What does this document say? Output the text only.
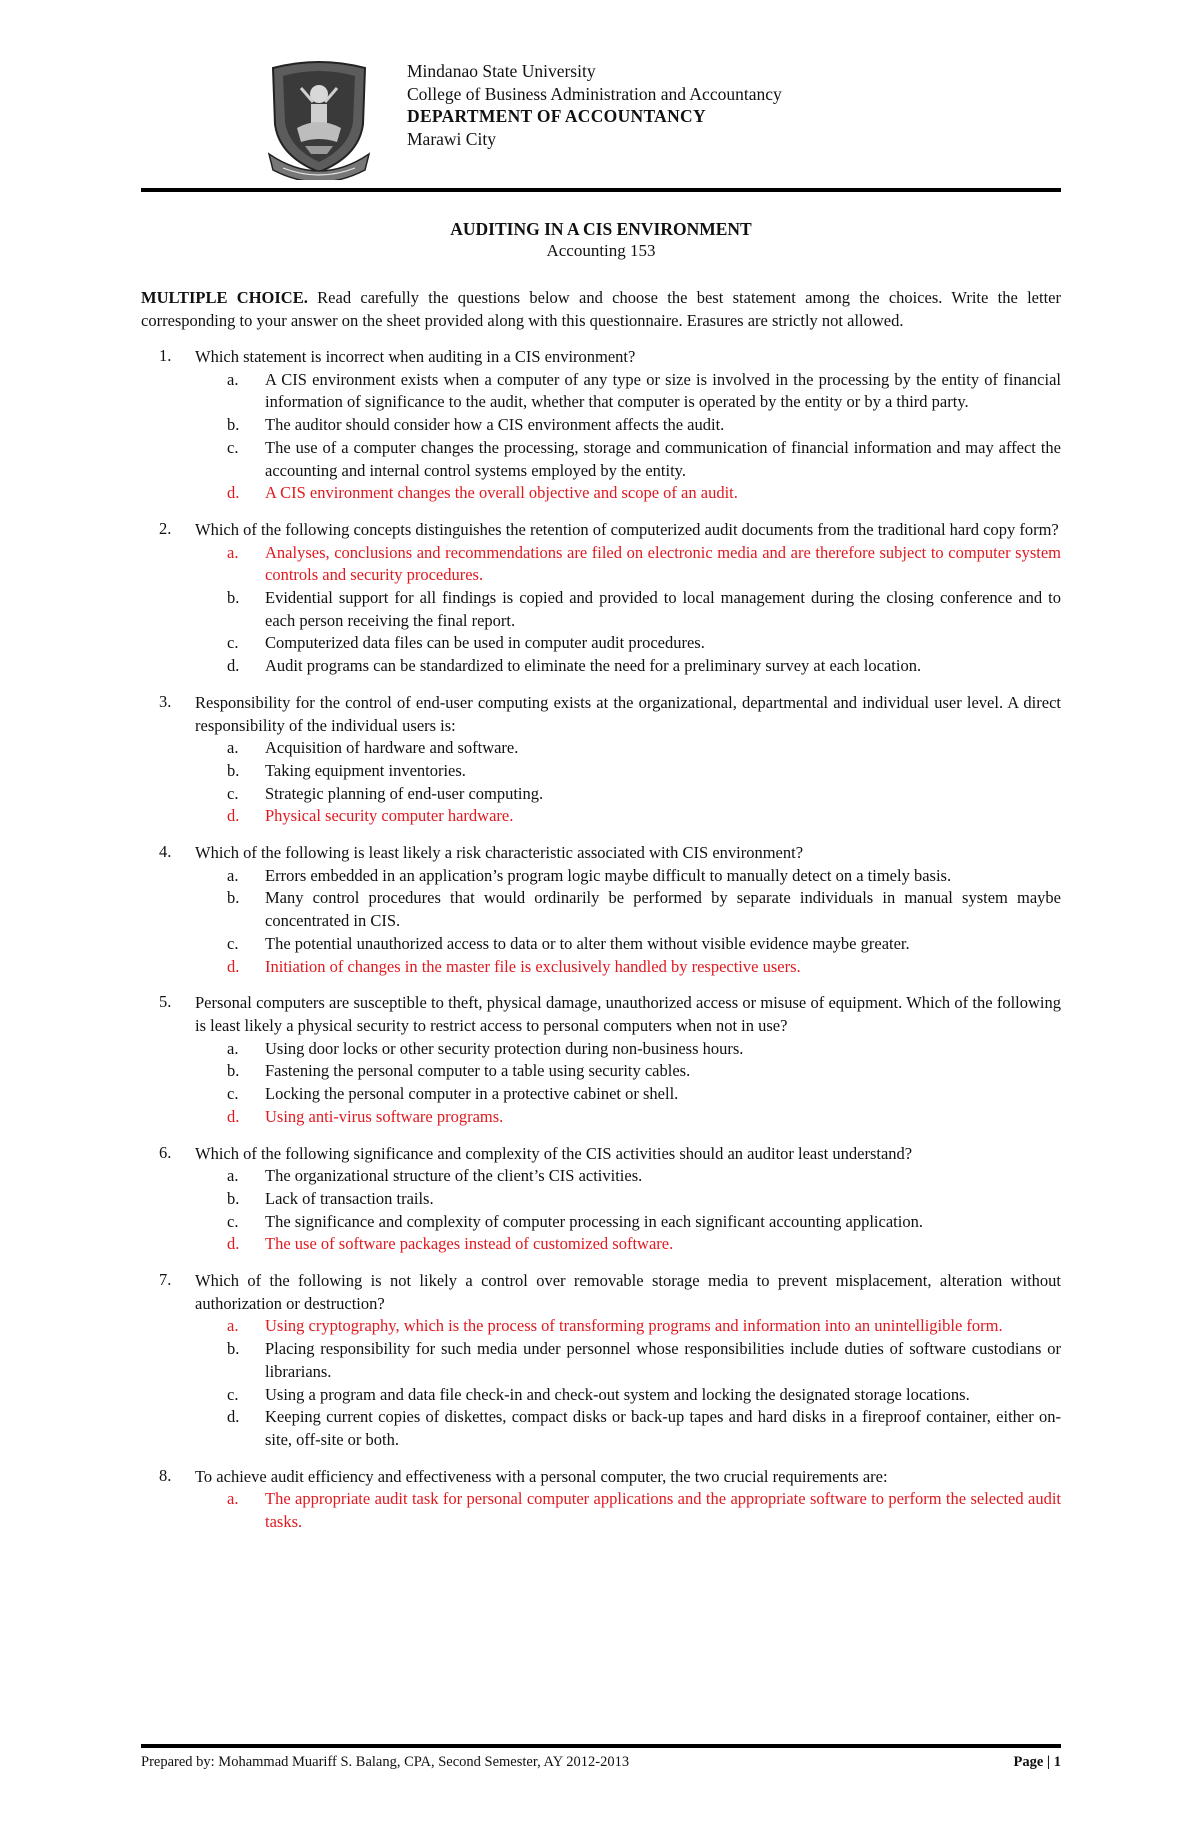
Mindanao State University
College of Business Administration and Accountancy
DEPARTMENT OF ACCOUNTANCY
Marawi City
AUDITING IN A CIS ENVIRONMENT
Accounting 153

MULTIPLE CHOICE. Read carefully the questions below and choose the best statement among the choices. Write the letter corresponding to your answer on the sheet provided along with this questionnaire. Erasures are strictly not allowed.

1.	Which statement is incorrect when auditing in a CIS environment?
a. A CIS environment exists when a computer of any type or size is involved in the processing by the entity of financial information of significance to the audit, whether that computer is operated by the entity or by a third party.
b. The auditor should consider how a CIS environment affects the audit.
c. The use of a computer changes the processing, storage and communication of financial information and may affect the accounting and internal control systems employed by the entity.
d. A CIS environment changes the overall objective and scope of an audit.
2.	Which of the following concepts distinguishes the retention of computerized audit documents from the traditional hard copy form?
a. Analyses, conclusions and recommendations are filed on electronic media and are therefore subject to computer system controls and security procedures.
b. Evidential support for all findings is copied and provided to local management during the closing conference and to each person receiving the final report.
c. Computerized data files can be used in computer audit procedures.
d. Audit programs can be standardized to eliminate the need for a preliminary survey at each location.
3.	Responsibility for the control of end-user computing exists at the organizational, departmental and individual user level. A direct responsibility of the individual users is:
a. Acquisition of hardware and software.
b. Taking equipment inventories.
c. Strategic planning of end-user computing.
d. Physical security computer hardware.
4.	Which of the following is least likely a risk characteristic associated with CIS environment?
a. Errors embedded in an application’s program logic maybe difficult to manually detect on a timely basis.
b. Many control procedures that would ordinarily be performed by separate individuals in manual system maybe concentrated in CIS.
c. The potential unauthorized access to data or to alter them without visible evidence maybe greater.
d. Initiation of changes in the master file is exclusively handled by respective users.
5.	Personal computers are susceptible to theft, physical damage, unauthorized access or misuse of equipment. Which of the following is least likely a physical security to restrict access to personal computers when not in use?
a. Using door locks or other security protection during non-business hours.
b. Fastening the personal computer to a table using security cables.
c. Locking the personal computer in a protective cabinet or shell.
d. Using anti-virus software programs.
6.	Which of the following significance and complexity of the CIS activities should an auditor least understand?
a. The organizational structure of the client’s CIS activities.
b. Lack of transaction trails.
c. The significance and complexity of computer processing in each significant accounting application.
d. The use of software packages instead of customized software.
7.	Which of the following is not likely a control over removable storage media to prevent misplacement, alteration without authorization or destruction?
a. Using cryptography, which is the process of transforming programs and information into an unintelligible form.
b. Placing responsibility for such media under personnel whose responsibilities include duties of software custodians or librarians.
c. Using a program and data file check-in and check-out system and locking the designated storage locations.
d. Keeping current copies of diskettes, compact disks or back-up tapes and hard disks in a fireproof container, either on-site, off-site or both.
8.	To achieve audit efficiency and effectiveness with a personal computer, the two crucial requirements are:
a. The appropriate audit task for personal computer applications and the appropriate software to perform the selected audit tasks.
Prepared by: Mohammad Muariff S. Balang, CPA, Second Semester, AY 2012-2013	Page | 1
